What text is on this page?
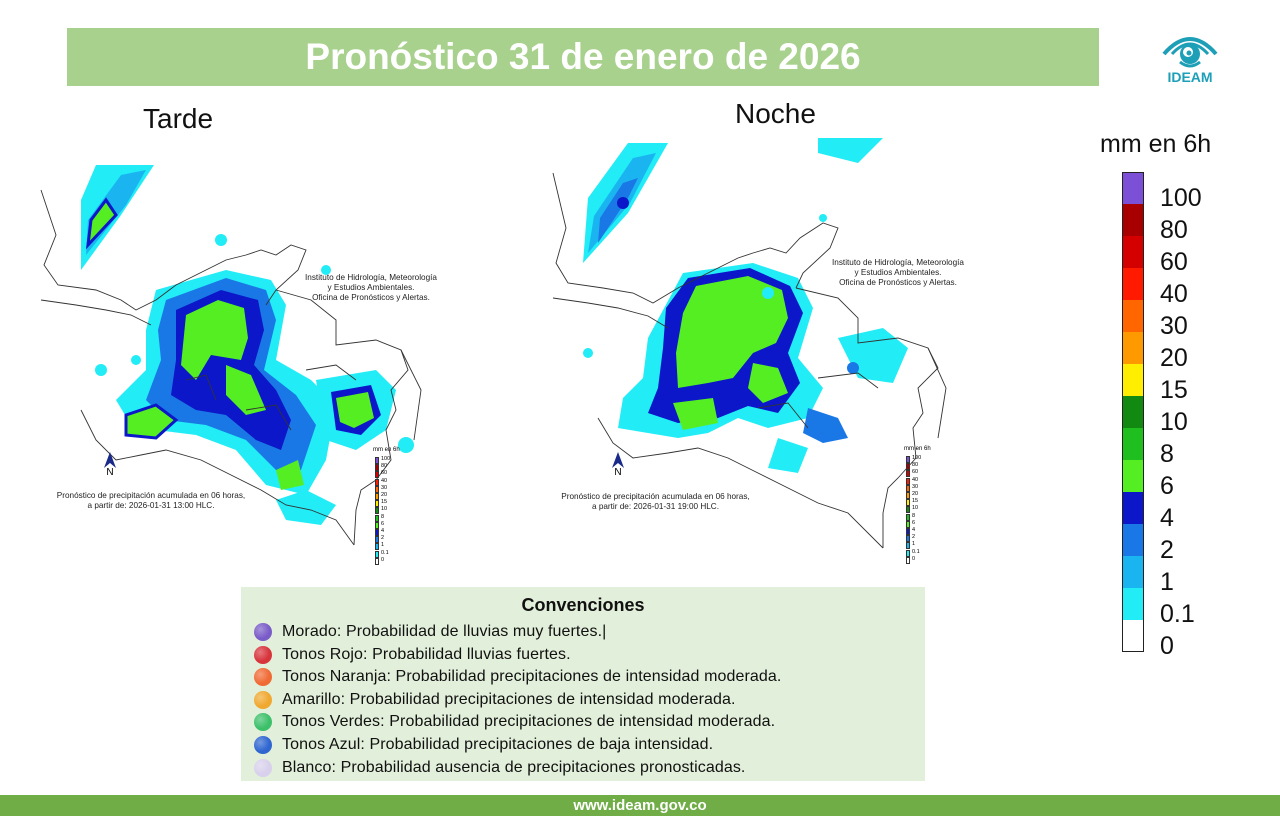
Pronóstico 31 de enero de 2026	IDEAM
Tarde	Noche
Instituto de Hidrología, Meteorología
y Estudios Ambientales.
Oficina de Pronósticos y Alertas.
N
Pronóstico de precipitación acumulada en 06 horas,
a partir de: 2026-01-31 13:00 HLC.
mm en 6h
100
80
60
40
30
20
15
10
8
6
4
2
1
0.1
0
Instituto de Hidrología, Meteorología
y Estudios Ambientales.
Oficina de Pronósticos y Alertas.
N
Pronóstico de precipitación acumulada en 06 horas,
a partir de: 2026-01-31 19:00 HLC.
mm en 6h
100
80
60
40
30
20
15
10
8
6
4
2
1
0.1
0
mm en 6h
100
80
60
40
30
20
15
10
8
6
4
2
1
0.1
0
Convenciones
Morado: Probabilidad de lluvias muy fuertes.|
Tonos Rojo: Probabilidad lluvias fuertes.
Tonos Naranja: Probabilidad precipitaciones de intensidad moderada.
Amarillo: Probabilidad precipitaciones de intensidad moderada.
Tonos Verdes: Probabilidad precipitaciones de intensidad moderada.
Tonos Azul: Probabilidad precipitaciones de baja intensidad.
Blanco: Probabilidad ausencia de precipitaciones pronosticadas.
www.ideam.gov.co
